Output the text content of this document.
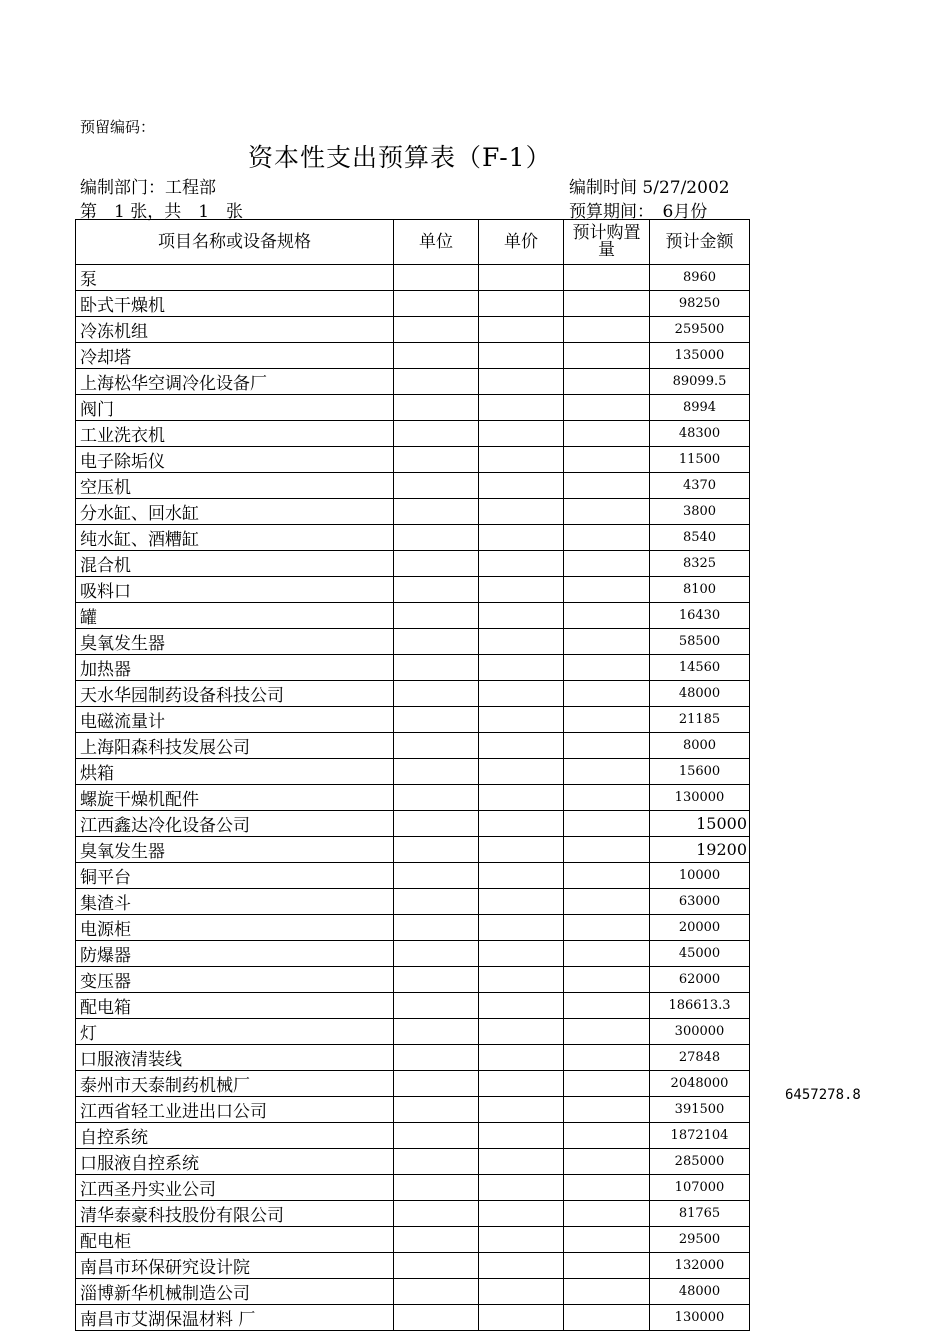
预留编码：
资本性支出预算表（F-1）
编制部门：工程部	编制时间 5/27/2002
第　1 张，共　1　张	预算期间：　6月份
项目名称或设备规格	单位	单价	预计购置量	预计金额
泵				8960
卧式干燥机				98250
冷冻机组				259500
冷却塔				135000
上海松华空调冷化设备厂				89099.5
阀门				8994
工业洗衣机				48300
电子除垢仪				11500
空压机				4370
分水缸、回水缸				3800
纯水缸、酒糟缸				8540
混合机				8325
吸料口				8100
罐				16430
臭氧发生器				58500
加热器				14560
天水华园制药设备科技公司				48000
电磁流量计				21185
上海阳森科技发展公司				8000
烘箱				15600
螺旋干燥机配件				130000
江西鑫达冷化设备公司				15000
臭氧发生器				19200
铜平台				10000
集渣斗				63000
电源柜				20000
防爆器				45000
变压器				62000
配电箱				186613.3
灯				300000
口服液清装线				27848
泰州市天泰制药机械厂				2048000
江西省轻工业进出口公司				391500
自控系统				1872104
口服液自控系统				285000
江西圣丹实业公司				107000
清华泰豪科技股份有限公司				81765
配电柜				29500
南昌市环保研究设计院				132000
淄博新华机械制造公司				48000
南昌市艾湖保温材料 厂				130000
6457278.8
